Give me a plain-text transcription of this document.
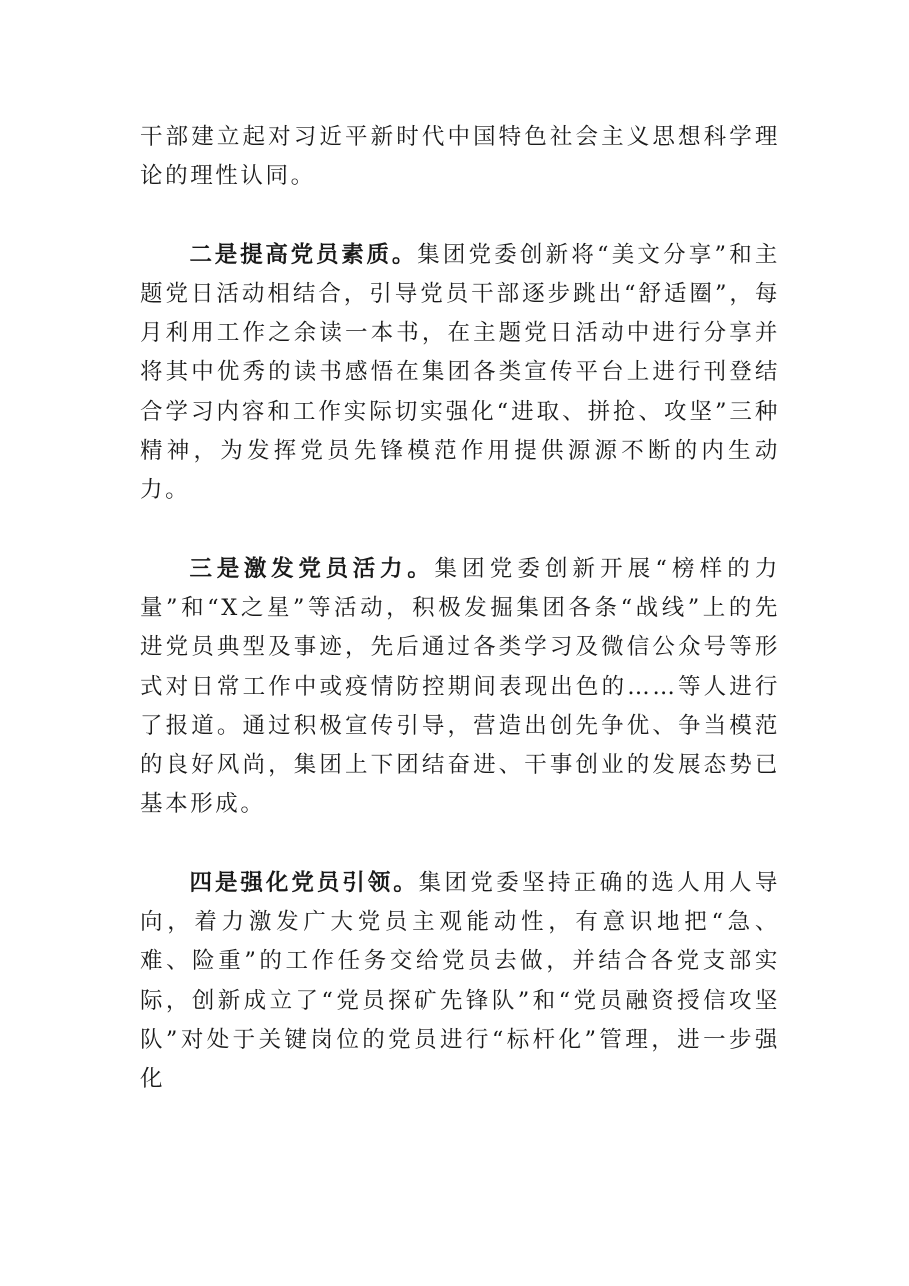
干部建立起对习近平新时代中国特色社会主义思想科学理论的理性认同。

二是提高党员素质。集团党委创新将“美文分享”和主题党日活动相结合，引导党员干部逐步跳出“舒适圈”，每月利用工作之余读一本书，在主题党日活动中进行分享并将其中优秀的读书感悟在集团各类宣传平台上进行刊登结合学习内容和工作实际切实强化“进取、拼抢、攻坚”三种精神，为发挥党员先锋模范作用提供源源不断的内生动力。

三是激发党员活力。集团党委创新开展“榜样的力量”和“X之星”等活动，积极发掘集团各条“战线”上的先进党员典型及事迹，先后通过各类学习及微信公众号等形式对日常工作中或疫情防控期间表现出色的……等人进行了报道。通过积极宣传引导，营造出创先争优、争当模范的良好风尚，集团上下团结奋进、干事创业的发展态势已基本形成。

四是强化党员引领。集团党委坚持正确的选人用人导向，着力激发广大党员主观能动性，有意识地把“急、难、险重”的工作任务交给党员去做，并结合各党支部实际，创新成立了“党员探矿先锋队”和“党员融资授信攻坚队”对处于关键岗位的党员进行“标杆化”管理，进一步强化
